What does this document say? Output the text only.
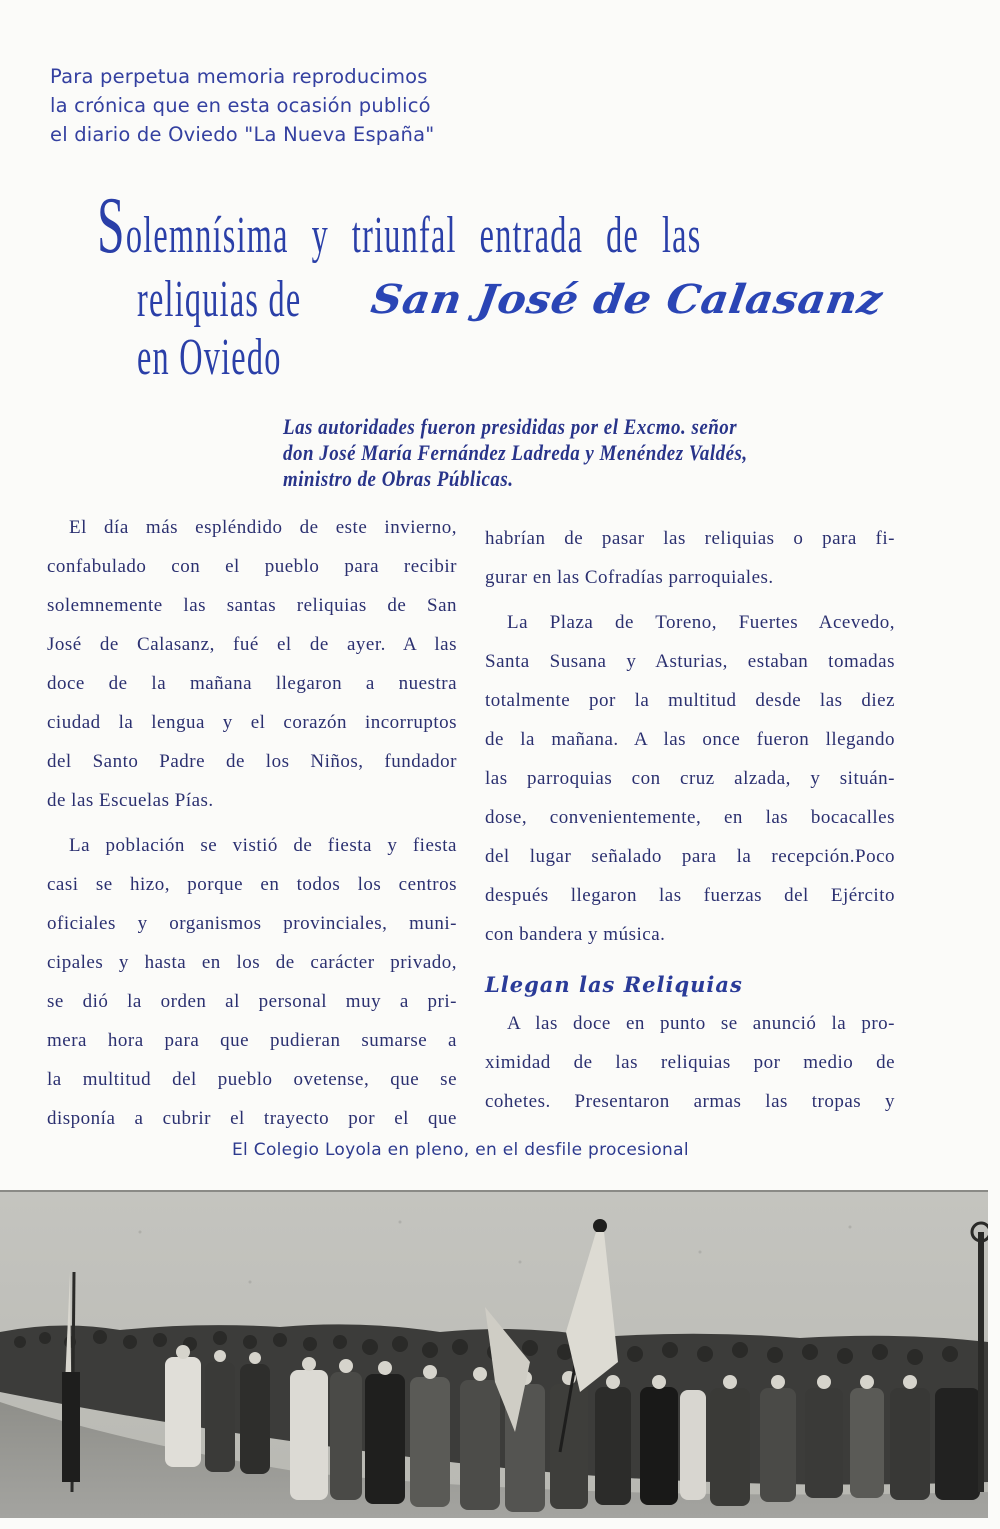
Para perpetua memoria reproducimos
la crónica que en esta ocasión publicó
el diario de Oviedo "La Nueva España"
Solemnísima y triunfal entrada de las
reliquias de San José de Calasanz
en Oviedo
Las autoridades fueron presididas por el Excmo. señor
don José María Fernández Ladreda y Menéndez Valdés,
ministro de Obras Públicas.
El día más espléndido de este invierno,
confabulado con el pueblo para recibir
solemnemente las santas reliquias de San
José de Calasanz, fué el de ayer. A las
doce de la mañana llegaron a nuestra
ciudad la lengua y el corazón incorruptos
del Santo Padre de los Niños, fundador
de las Escuelas Pías.
La población se vistió de fiesta y fiesta
casi se hizo, porque en todos los centros
oficiales y organismos provinciales, muni-
cipales y hasta en los de carácter privado,
se dió la orden al personal muy a pri-
mera hora para que pudieran sumarse a
la multitud del pueblo ovetense, que se
disponía a cubrir el trayecto por el que
habrían de pasar las reliquias o para fi-
gurar en las Cofradías parroquiales.
La Plaza de Toreno, Fuertes Acevedo,
Santa Susana y Asturias, estaban tomadas
totalmente por la multitud desde las diez
de la mañana. A las once fueron llegando
las parroquias con cruz alzada, y situán-
dose, convenientemente, en las bocacalles
del lugar señalado para la recepción.Poco
después llegaron las fuerzas del Ejército
con bandera y música.
Llegan las Reliquias
A las doce en punto se anunció la pro-
ximidad de las reliquias por medio de
cohetes. Presentaron armas las tropas y
El Colegio Loyola en pleno, en el desfile procesional
